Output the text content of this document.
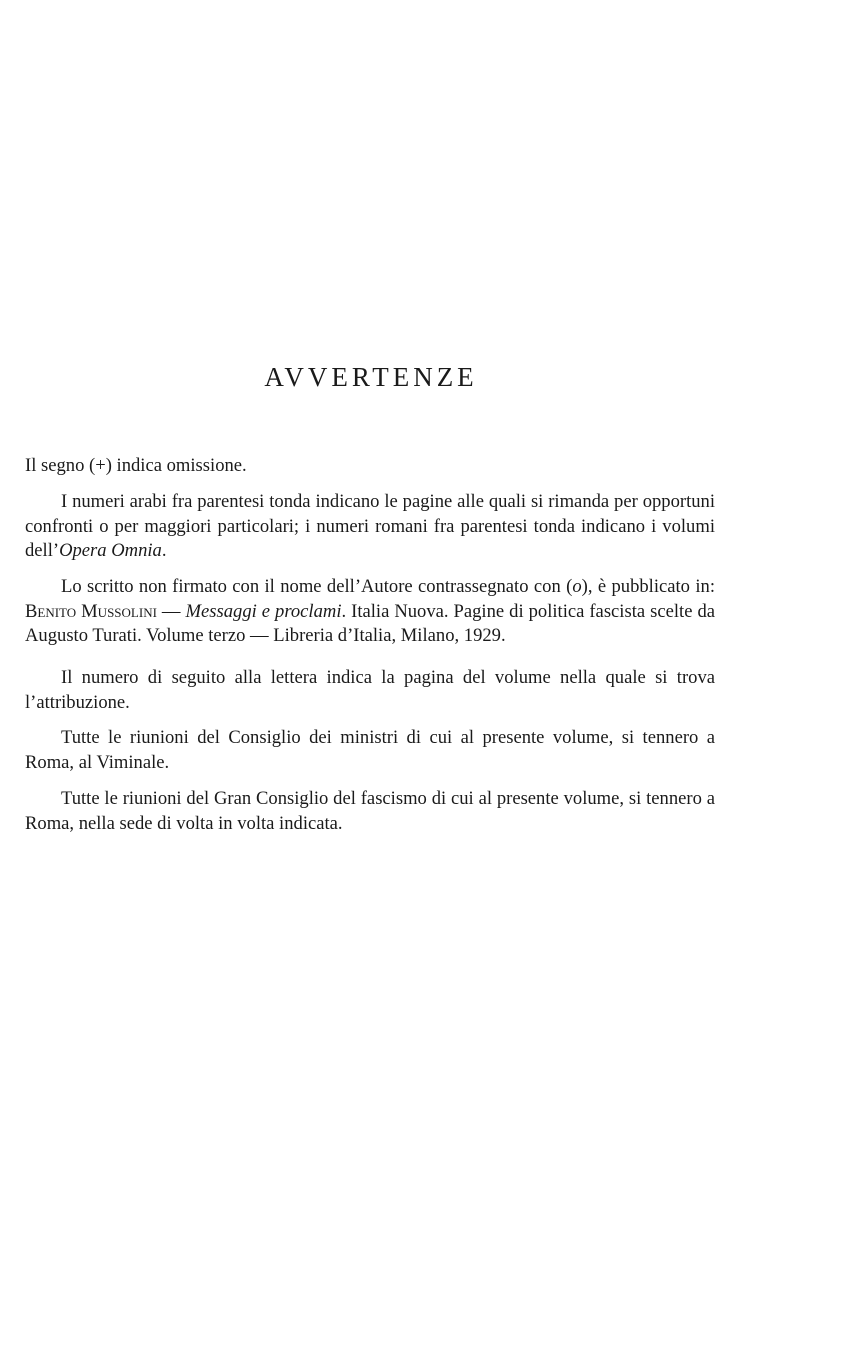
AVVERTENZE

Il segno (+) indica omissione.

I numeri arabi fra parentesi tonda indicano le pagine alle quali si rimanda per opportuni confronti o per maggiori particolari; i numeri romani fra parentesi tonda indicano i volumi dell’Opera Omnia.

Lo scritto non firmato con il nome dell’Autore contrassegnato con (o), è pubblicato in: Benito Mussolini — Messaggi e proclami. Italia Nuova. Pagine di politica fascista scelte da Augusto Turati. Volume terzo — Libreria d’Italia, Milano, 1929.

Il numero di seguito alla lettera indica la pagina del volume nella quale si trova l’attribuzione.

Tutte le riunioni del Consiglio dei ministri di cui al presente volume, si tennero a Roma, al Viminale.

Tutte le riunioni del Gran Consiglio del fascismo di cui al presente volume, si tennero a Roma, nella sede di volta in volta indicata.
